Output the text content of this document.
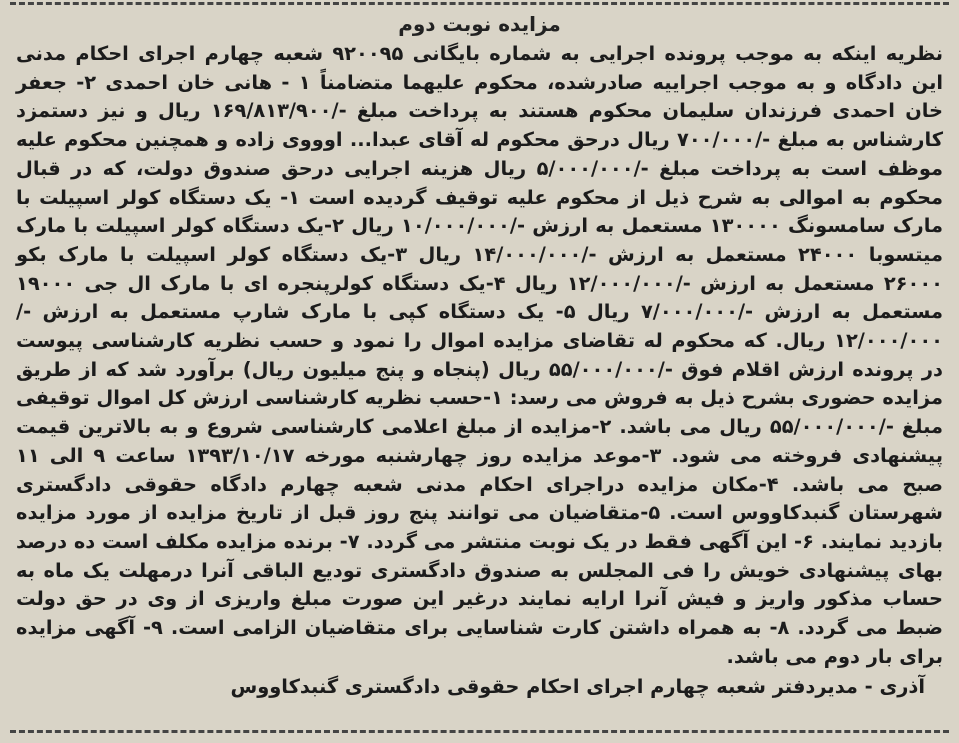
مزایده نوبت دوم
نظریه اینکه به موجب پرونده اجرایی به شماره بایگانی ۹۲۰۰۹۵ شعبه چهارم اجرای احکام مدنی این دادگاه و به موجب اجراییه صادرشده، محکوم علیهما متضامناً ۱ - هانی خان احمدی ۲- جعفر خان احمدی فرزندان سلیمان محکوم هستند به پرداخت مبلغ -/۱۶۹/۸۱۳/۹۰۰ ریال و نیز دستمزد کارشناس به مبلغ -/۷۰۰/۰۰۰ ریال درحق محکوم له آقای عبدا... اوووی زاده و همچنین محکوم علیه موظف است به پرداخت مبلغ -/۵/۰۰۰/۰۰۰ ریال هزینه اجرایی درحق صندوق دولت، که در قبال محکوم به اموالی به شرح ذیل از محکوم علیه توقیف گردیده است ۱- یک دستگاه کولر اسپیلت با مارک سامسونگ ۱۳۰۰۰۰ مستعمل به ارزش -/۱۰/۰۰۰/۰۰۰ ریال ۲-یک دستگاه کولر اسپیلت با مارک میتسوبا ۲۴۰۰۰ مستعمل به ارزش -/۱۴/۰۰۰/۰۰۰ ریال ۳-یک دستگاه کولر اسپیلت با مارک بکو ۲۶۰۰۰ مستعمل به ارزش -/۱۲/۰۰۰/۰۰۰ ریال ۴-یک دستگاه کولرپنجره ای با مارک ال جی ۱۹۰۰۰ مستعمل به ارزش -/۷/۰۰۰/۰۰۰ ریال ۵- یک دستگاه کپی با مارک شارپ مستعمل به ارزش -/۱۲/۰۰۰/۰۰۰ ریال. که محکوم له تقاضای مزایده اموال را نمود و حسب نظریه کارشناسی پیوست در پرونده ارزش اقلام فوق -/۵۵/۰۰۰/۰۰۰ ریال (پنجاه و پنج میلیون ریال) برآورد شد که از طریق مزایده حضوری بشرح ذیل به فروش می رسد: ۱-حسب نظریه کارشناسی ارزش کل اموال توقیفی مبلغ -/۵۵/۰۰۰/۰۰۰ ریال می باشد. ۲-مزایده از مبلغ اعلامی کارشناسی شروع و به بالاترین قیمت پیشنهادی فروخته می شود. ۳-موعد مزایده روز چهارشنبه مورخه ۱۳۹۳/۱۰/۱۷ ساعت ۹ الی ۱۱ صبح می باشد. ۴-مکان مزایده دراجرای احکام مدنی شعبه چهارم دادگاه حقوقی دادگستری شهرستان گنبدکاووس است. ۵-متقاضیان می توانند پنج روز قبل از تاریخ مزایده از مورد مزایده بازدید نمایند. ۶- این آگهی فقط در یک نوبت منتشر می گردد. ۷- برنده مزایده مکلف است ده درصد بهای پیشنهادی خویش را فی المجلس به صندوق دادگستری تودیع الباقی آنرا درمهلت یک ماه به حساب مذکور واریز و فیش آنرا ارایه نمایند درغیر این صورت مبلغ واریزی از وی در حق دولت ضبط می گردد. ۸- به همراه داشتن کارت شناسایی برای متقاضیان الزامی است. ۹- آگهی مزایده برای بار دوم می باشد.
آذری - مدیردفتر شعبه چهارم اجرای احکام حقوقی دادگستری گنبدکاووس
